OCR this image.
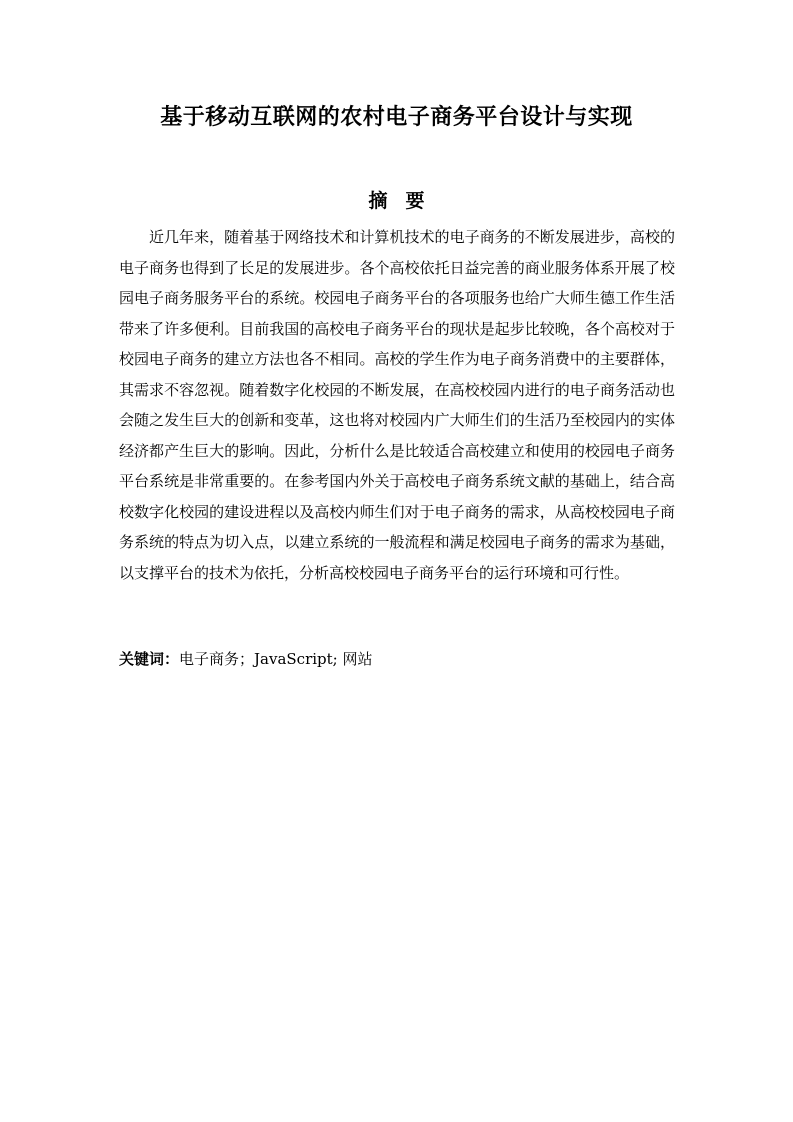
基于移动互联网的农村电子商务平台设计与实现
摘要

近几年来，随着基于网络技术和计算机技术的电子商务的不断发展进步，高校的电子商务也得到了长足的发展进步。各个高校依托日益完善的商业服务体系开展了校园电子商务服务平台的系统。校园电子商务平台的各项服务也给广大师生德工作生活带来了许多便利。目前我国的高校电子商务平台的现状是起步比较晚，各个高校对于校园电子商务的建立方法也各不相同。高校的学生作为电子商务消费中的主要群体，其需求不容忽视。随着数字化校园的不断发展，在高校校园内进行的电子商务活动也会随之发生巨大的创新和变革，这也将对校园内广大师生们的生活乃至校园内的实体经济都产生巨大的影响。因此，分析什么是比较适合高校建立和使用的校园电子商务平台系统是非常重要的。在参考国内外关于高校电子商务系统文献的基础上，结合高校数字化校园的建设进程以及高校内师生们对于电子商务的需求，从高校校园电子商务系统的特点为切入点，以建立系统的一般流程和满足校园电子商务的需求为基础，以支撑平台的技术为依托，分析高校校园电子商务平台的运行环境和可行性。

关键词：电子商务；JavaScript; 网站
